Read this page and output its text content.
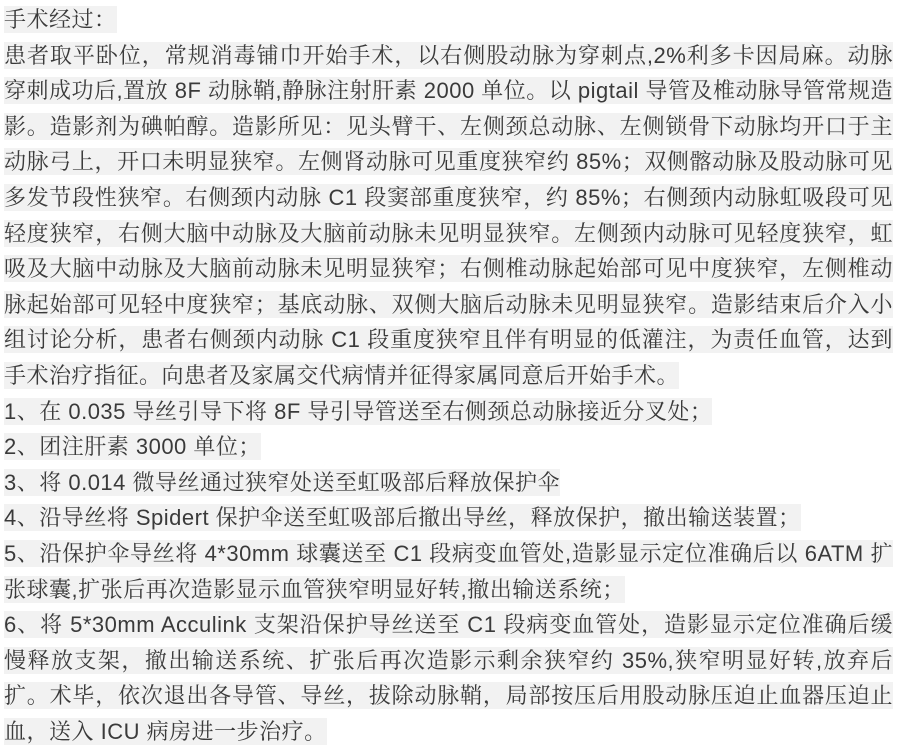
手术经过：

患者取平卧位，常规消毒铺巾开始手术，以右侧股动脉为穿刺点,2%利多卡因局麻。动脉穿刺成功后,置放 8F 动脉鞘,静脉注射肝素 2000 单位。以 pigtail 导管及椎动脉导管常规造影。造影剂为碘帕醇。造影所见：见头臂干、左侧颈总动脉、左侧锁骨下动脉均开口于主动脉弓上，开口未明显狭窄。左侧肾动脉可见重度狭窄约 85%；双侧髂动脉及股动脉可见多发节段性狭窄。右侧颈内动脉 C1 段窦部重度狭窄，约 85%；右侧颈内动脉虹吸段可见轻度狭窄，右侧大脑中动脉及大脑前动脉未见明显狭窄。左侧颈内动脉可见轻度狭窄，虹吸及大脑中动脉及大脑前动脉未见明显狭窄；右侧椎动脉起始部可见中度狭窄，左侧椎动脉起始部可见轻中度狭窄；基底动脉、双侧大脑后动脉未见明显狭窄。造影结束后介入小组讨论分析，患者右侧颈内动脉 C1 段重度狭窄且伴有明显的低灌注，为责任血管，达到手术治疗指征。向患者及家属交代病情并征得家属同意后开始手术。

1、在 0.035 导丝引导下将 8F 导引导管送至右侧颈总动脉接近分叉处；

2、团注肝素 3000 单位；

3、将 0.014 微导丝通过狭窄处送至虹吸部后释放保护伞

4、沿导丝将 Spidert 保护伞送至虹吸部后撤出导丝，释放保护，撤出输送装置；

5、沿保护伞导丝将 4*30mm 球囊送至 C1 段病变血管处,造影显示定位准确后以 6ATM 扩张球囊,扩张后再次造影显示血管狭窄明显好转,撤出输送系统；

6、将 5*30mm Acculink 支架沿保护导丝送至 C1 段病变血管处，造影显示定位准确后缓慢释放支架，撤出输送系统、扩张后再次造影示剩余狭窄约 35%,狭窄明显好转,放弃后扩。术毕，依次退出各导管、导丝，拔除动脉鞘，局部按压后用股动脉压迫止血器压迫止血，送入 ICU 病房进一步治疗。
